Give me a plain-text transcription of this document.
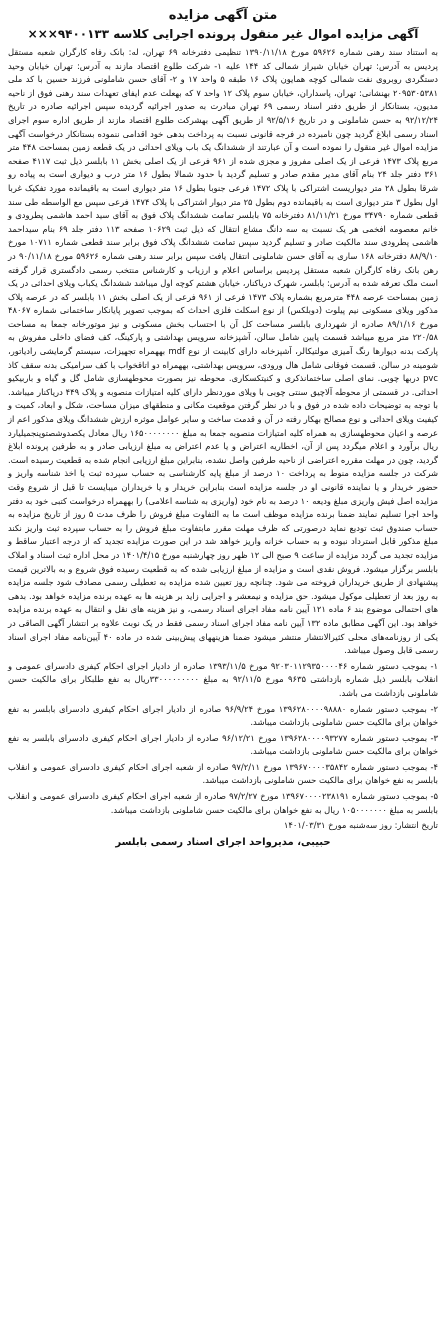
متن آگهی مزایده
آگهی مزایده اموال غیر منقول پرونده اجرایی کلاسه ۹۴۰۰۱۳۳×××

به استناد سند رهنی شماره ۵۹۶۲۶ مورخ ۱۳۹۰/۱۱/۱۸ تنظیمی دفترخانه ۶۹ تهران، له: بانک رفاه کارگران شعبه مستقل پردیس به آدرس: تهران خیابان شیراز شمالی کد ۱۴۴ علیه ۱- شرکت طلوع اقتصاد مازند به آدرس: تهران خیابان وحید دستگردی روبروی نفت شمالی کوچه همایون پلاک ۱۶ طبقه ۵ واحد ۱۷ و ۲- آقای حسن شاملونی فرزند حسین با کد ملی ۲۰۹۵۳۰۵۳۸۱ بهنشانی: تهران، پاسداران، خیابان سوم پلاک ۱۲ واحد ۷ که بهعلت عدم ایفای تعهدات سند رهنی فوق از ناحیه مدیون، بستانکار از طریق دفتر اسناد رسمی ۶۹ تهران مبادرت به صدور اجرائیه گردیده سپس اجرائیه صادره در تاریخ ۹۲/۱۲/۲۴ به حسن شاملونی و در تاریخ ۹۲/۵/۱۶ از طریق آگهی بهشرکت طلوع اقتصاد مازند از طریق اداره سوم اجرای اسناد رسمی ابلاغ گردید چون نامبرده در فرجه قانونی نسبت به پرداخت بدهی خود اقدامی ننموده بستانکار درخواست آگهی مزایده اموال غیر منقول را نموده است و آن عبارتند از ششدانگ یک باب ویلای احداثی در یک قطعه زمین بمساحت ۴۴۸ متر مربع پلاک ۱۴۷۳ فرعی از یک اصلی مفروز و مجزی شده از ۹۶۱ فرعی از یک اصلی بخش ۱۱ بابلسر ذیل ثبت ۴۱۱۷ صفحه ۳۶۱ دفتر جلد ۲۴ بنام آقای مدیر مقدم صادر و تسلیم گردید با حدود شمالا بطول ۱۶ متر درب و دیواری است به پیاده رو شرقا بطول ۲۸ متر دیواریست اشتراکی با پلاک ۱۴۷۲ فرعی جنوبا بطول ۱۶ متر دیواری است به باقیمانده مورد تفکیک غربا اول بطول ۳ متر دیواری است به باقیمانده دوم بطول ۲۵ متر دیوار اشتراکی با پلاک ۱۴۷۴ فرعی سپس مع الواسطه طی سند قطعی شماره ۳۴۷۹۰ مورخ ۸۱/۱۱/۲۱ دفترخانه ۷۵ بابلسر تمامت ششدانگ پلاک فوق به آقای سید احمد هاشمی پطرودی و خانم معصومه افخمی هر یک نسبت به سه دانگ مشاع انتقال که ذیل ثبت ۱۰۶۲۹ صفحه ۱۱۳ دفتر جلد ۶۹ بنام سیداحمد هاشمی پطرودی سند مالکیت صادر و تسلیم گردید سپس تمامت ششدانگ پلاک فوق برابر سند قطعی شماره ۱۰۷۱۱ مورخ ۸۸/۹/۱۰ دفترخانه ۱۶۸ ساری به آقای حسن شاملونی انتقال یافت سپس برابر سند رهنی شماره ۵۹۶۲۶ مورخ ۹۰/۱۱/۱۸ در رهن بانک رفاه کارگران شعبه مستقل پردیس براساس اعلام و ارزیاب و کارشناس منتخب رسمی دادگستری قرار گرفته است ملک تعرفه شده به آدرس: بابلسر، شهرک دریاکنار، خیابان هشتم کوچه اول میباشد ششدانگ یکباب ویلای احداثی در یک زمین بمساحت عرصه ۴۴۸ مترمربع بشماره پلاک ۱۴۷۳ فرعی از ۹۶۱ فرعی از یک اصلی بخش ۱۱ بابلسر که در عرصه پلاک مذکور ویلای مسکونی نیم پیلوت (دوبلکس) از نوع اسکلت فلزی احداث که بموجب تصویر پایانکار ساختمانی شماره ۴۸۰۶۷ مورخ ۸۹/۱/۱۶ صادره از شهرداری بابلسر مساحت کل آن با احتساب بخش مسکونی و نیز موتورخانه جمعا به مساحت ۲۲۰/۵۸ متر مربع میباشد قسمت پایین شامل سالن، آشپزخانه سرویس بهداشتی و پارکینگ، کف فضای داخلی مفروش به پارکت بدنه دیوارها رنگ آمیزی مولتیکالر، آشپزخانه دارای کابینت از نوع mdf بههمراه تجهیزات، سیستم گرمایشی رادیاتور، شومینه در سالن. قسمت فوقانی شامل هال ورودی، سرویس بهداشتی، بههمراه دو اتاقخواب با کف سرامیکی بدنه سقف کاذ pvc دربها چوبی. نمای اصلی ساختمانذکری و کنیتکسکاری. محوطه نیز بصورت محوطهسازی شامل گل و گیاه و باربیکیو احداثی. در قسمتی از محوطه آلاچیق سنتی چوبی با ویلای موردنظر دارای کلیه امتیازات منصوبه و پلاک ۴۴۹ دریاکنار میباشد. با توجه به توضیحات داده شده در فوق و با در نظر گرفتن موقعیت مکانی و منطقهای میزان مساحت، شکل و ابعاد، کمیت و کیفیت ویلای احداثی و نوع مصالح بهکار رفته در آن و قدمت ساخت و سایر عوامل موثره ارزش ششدانگ ویلای مذکور اعم از عرصه و اعیان محوطهسازی به همراه کلیه امتیازات منصوبه جمعا به مبلغ ۱۶۵۰۰۰۰۰۰۰۰ ریال معادل یکصدوشصتوپنجمیلیارد ریال برآورد و اعلام میگردد پس از آن، اخطاریه اعتراض و یا عدم اعتراض به مبلغ ارزیابی صادر و به طرفین پرونده ابلاغ گردید، چون در مهلت مقرره اعتراضی از ناحیه طرفین واصل نشده، بنابراین مبلغ ارزیابی انجام شده به قطعیت رسیده است. شرکت در جلسه مزایده منوط به پرداخت ۱۰ درصد از مبلغ پایه کارشناسی به حساب سپرده ثبت یا اخذ شناسه واریز و حضور خریدار و یا نماینده قانونی او در جلسه مزایده است بنابراین خریدار و یا خریداران میبایست تا قبل از شروع وقت مزایده اصل فیش واریزی مبلغ ودیعه ۱۰ درصد به نام خود (واریزی به شناسه اعلامی) را بههمراه درخواست کتبی خود به دفتر واحد اجرا تسلیم نمایند ضمنا برنده مزایده موظف است ما به التفاوت مبلغ فروش را ظرف مدت ۵ روز از تاریخ مزایده به حساب صندوق ثبت تودیع نماید درصورتی که ظرف مهلت مقرر مابتفاوت مبلغ فروش را به حساب سپرده ثبت واریز نکند مبلغ مذکور قابل استرداد نبوده و به حساب خزانه واریز خواهد شد در این صورت مزایده تجدید که از درجه اعتبار ساقط و مزایده تجدید می گردد مزایده از ساعت ۹ صبح الی ۱۲ ظهر روز چهارشنبه مورخ ۱۴۰۱/۴/۱۵ در محل اداره ثبت اسناد و املاک بابلسر برگزار میشود. فروش نقدی است و مزایده از مبلغ ارزیابی شده که به قطعیت رسیده فوق شروع و به بالاترین قیمت پیشنهادی از طریق خریداران فروخته می شود. چنانچه روز تعیین شده مزایده به تعطیلی رسمی مصادف شود جلسه مزایده به روز بعد از تعطیلی موکول میشود. حق مزایده و نیمعشر و اجرایی زاید بر هزینه ها به عهده برنده مزایده خواهد بود. بدهی های احتمالی موضوع بند ۶ ماده ۱۲۱ آیین نامه مفاد اجرای اسناد رسمی، و نیز هزینه های نقل و انتقال به عهده برنده مزایده خواهد بود. این آگهی مطابق ماده ۱۳۲ آیین نامه مفاد اجرای اسناد رسمی فقط در یک نوبت علاوه بر انتشار آگهی الصاقی در یکی از روزنامه‌های محلی کثیرالانتشار منتشر میشود ضمنا هزینههای پیش‌بینی شده در ماده ۴۰ آیین‌نامه مفاد اجرای اسناد رسمی قابل وصول میباشد.

۱- بموجب دستور شماره ۹۲۰۳۰۱۱۲۹۳۵۰۰۰۰۴۶ مورخ ۱۳۹۳/۱۱/۵ صادره از دادیار اجرای احکام کیفری دادسرای عمومی و انقلاب بابلسر ذیل شماره بازداشتی ۹۶۳۵ مورخ ۹۲/۱۱/۵ به مبلغ ۳۳۰۰۰۰۰۰۰۰۰ریال به نفع طلبکار برای مالکیت حسن شاملونی بازداشت می باشد.
۲- بموجب دستور شماره ۱۳۹۶۲۸۰۰۰۰۹۸۸۸۰ مورخ ۹۶/۹/۲۴ صادره از دادیار اجرای احکام کیفری دادسرای بابلسر به نفع خواهان برای مالکیت حسن شاملونی بازداشت میباشد.
۳- بموجب دستور شماره ۱۳۹۶۲۸۰۰۰۰۹۳۲۷۷ مورخ ۹۶/۱۲/۲۱ صادره از دادیار اجرای احکام کیفری دادسرای بابلسر به نفع خواهان برای مالکیت حسن شاملونی بازداشت میباشد.
۴- بموجب دستور شماره ۱۳۹۶۷۰۰۰۰۳۵۸۴۲ مورخ ۹۷/۲/۱۱ صادره از شعبه اجرای احکام کیفری دادسرای عمومی و انقلاب بابلسر به نفع خواهان برای مالکیت حسن شاملونی بازداشت میباشد.
۵- بموجب دستور شماره ۱۳۹۶۷۰۰۰۰۲۳۸۱۹۱ مورخ ۹۷/۲/۲۷ صادره از شعبه اجرای احکام کیفری دادسرای عمومی و انقلاب بابلسر به مبلغ ۱۰۵۰۰۰۰۰۰۰ ریال به نفع خواهان برای مالکیت حسن شاملونی بازداشت میباشد.
تاریخ انتشار: روز سه‌شنبه مورخ ۱۴۰۱/۰۳/۳۱
حبیبی، مدیرواحد اجرای اسناد رسمی بابلسر
